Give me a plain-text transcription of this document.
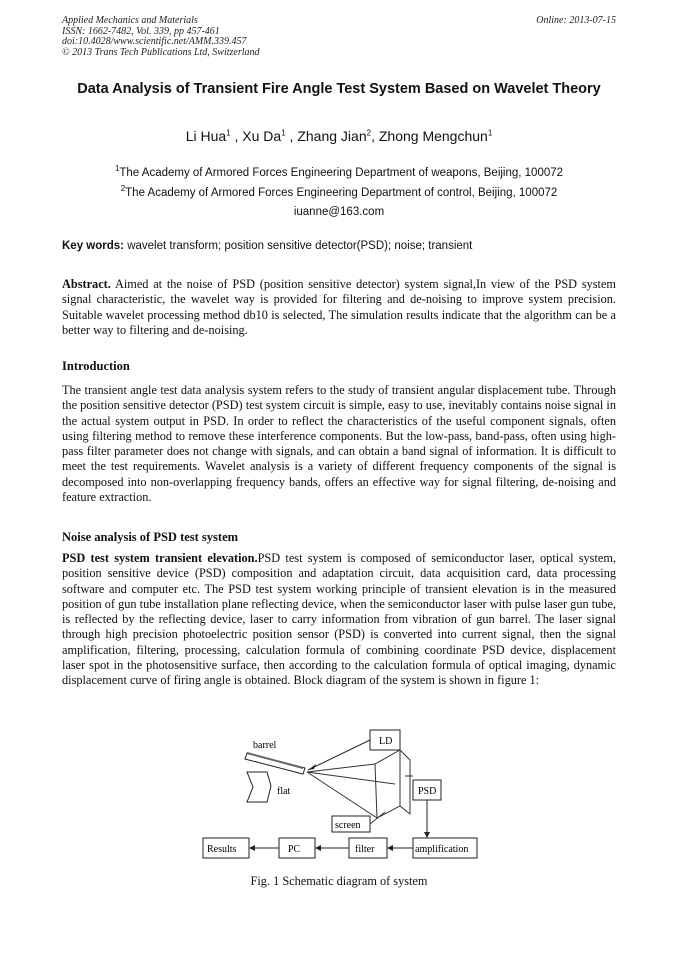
Applied Mechanics and Materials
ISSN: 1662-7482, Vol. 339, pp 457-461
doi:10.4028/www.scientific.net/AMM.339.457
© 2013 Trans Tech Publications Ltd, Switzerland
Online: 2013-07-15
Data Analysis of Transient Fire Angle Test System Based on Wavelet Theory
Li Hua$^1$ , Xu Da$^1$ , Zhang Jian$^2$, Zhong Mengchun$^1$
$^1$The Academy of Armored Forces Engineering Department of weapons, Beijing, 100072
$^2$The Academy of Armored Forces Engineering Department of control, Beijing, 100072
iuanne@163.com
Key words: wavelet transform; position sensitive detector(PSD); noise; transient
Abstract. Aimed at the noise of PSD (position sensitive detector) system signal,In view of the PSD system signal characteristic, the wavelet way is provided for filtering and de-noising to improve system precision. Suitable wavelet processing method db10 is selected, The simulation results indicate that the algorithm can be a better way to filtering and de-noising.
Introduction
The transient angle test data analysis system refers to the study of transient angular displacement tube. Through the position sensitive detector (PSD) test system circuit is simple, easy to use, inevitably contains noise signal in the actual system output in PSD. In order to reflect the characteristics of the useful component signals, often using filtering method to remove these interference components. But the low-pass, band-pass, often using high-pass filter parameter does not change with signals, and can obtain a band signal of information. It is difficult to meet the test requirements. Wavelet analysis is a variety of different frequency components of the signal is decomposed into non-overlapping frequency bands, offers an effective way for signal filtering, de-noising and feature extraction.
Noise analysis of PSD test system
PSD test system transient elevation.PSD test system is composed of semiconductor laser, optical system, position sensitive device (PSD) composition and adaptation circuit, data acquisition card, data processing software and computer etc. The PSD test system working principle of transient elevation is in the measured position of gun tube installation plane reflecting device, when the semiconductor laser with pulse laser gun tube, is reflected by the reflecting device, laser to carry information from vibration of gun barrel. The laser signal through high precision photoelectric position sensor (PSD) is converted into current signal, then the signal amplification, filtering, processing, calculation formula of combining coordinate PSD device, displacement laser spot in the photosensitive surface, then according to the calculation formula of optical imaging, dynamic displacement curve of firing angle is obtained. Block diagram of the system is shown in figure 1:
barrel	LD
flat	PSD
screen
Results	PC	filter	amplification
Fig. 1 Schematic diagram of system
